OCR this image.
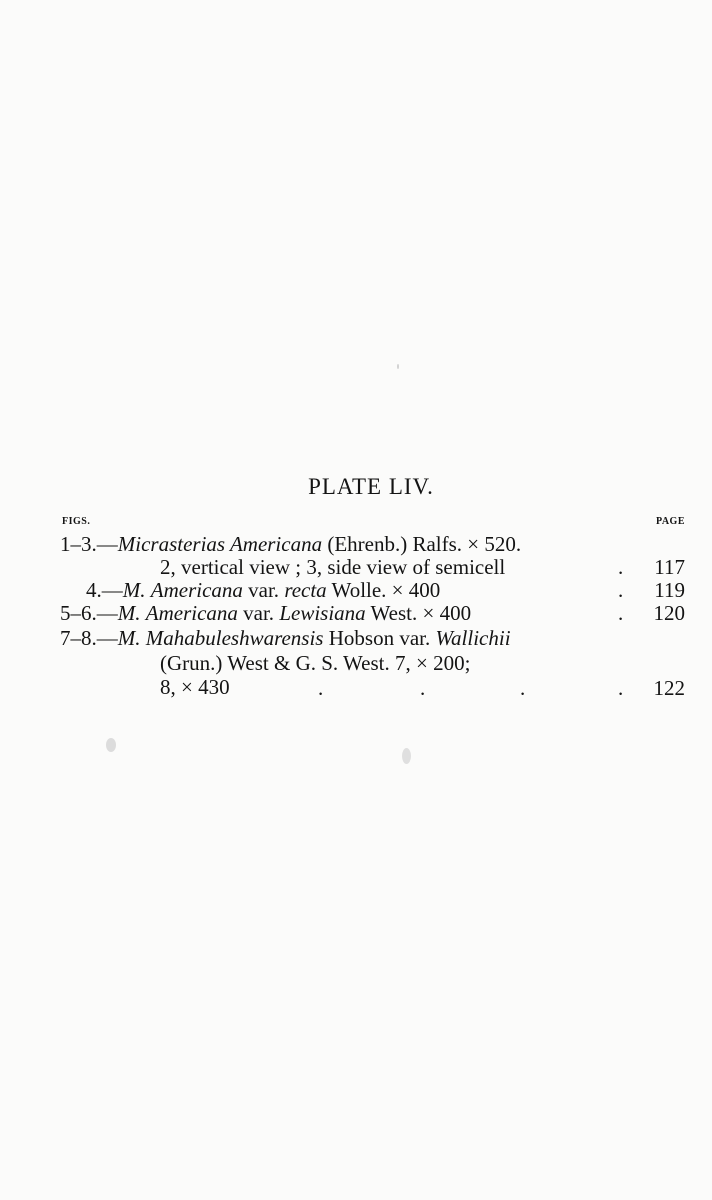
PLATE LIV.
FIGS.	PAGE
1–3.—Micrasterias Americana (Ehrenb.) Ralfs. × 520.
2, vertical view ; 3, side view of semicell	. 117
4.—M. Americana var. recta Wolle. × 400	. 119
5–6.—M. Americana var. Lewisiana West. × 400	. 120
7–8.—M. Mahabuleshwarensis Hobson var. Wallichii
(Grun.) West & G. S. West. 7, × 200;
8, × 430	.	.	.	. 122
